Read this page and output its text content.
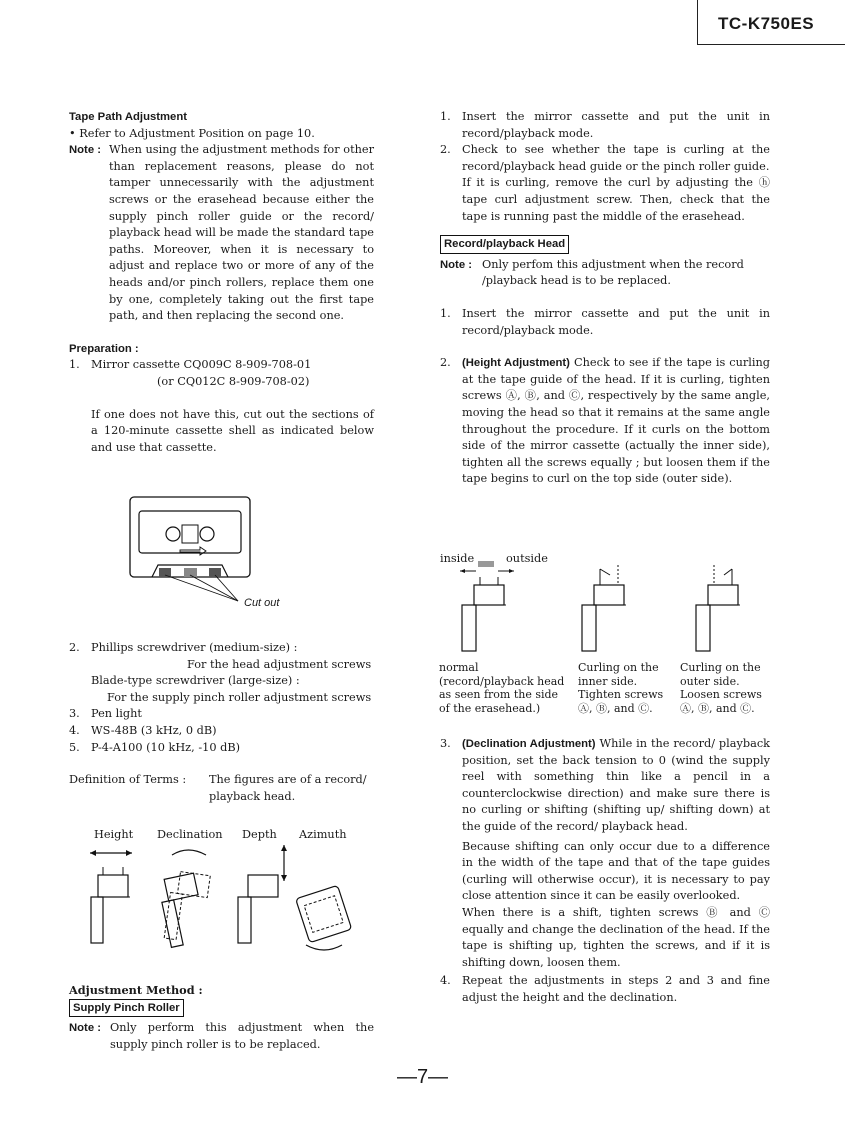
TC-K750ES

Tape Path Adjustment

• Refer to Adjustment Position on page 10.

Note : When using the adjustment methods for other than replacement reasons, please do not tamper unnecessarily with the adjustment screws or the erasehead because either the supply pinch roller guide or the record/ playback head will be made the standard tape paths. Moreover, when it is necessary to adjust and replace two or more of any of the heads and/or pinch rollers, replace them one by one, completely taking out the first tape path, and then replacing the second one.

Preparation :

1. Mirror cassette CQ009C 8-909-708-01

(or CQ012C 8-909-708-02)

If one does not have this, cut out the sections of a 120-minute cassette shell as indicated below and use that cassette.

Cut out
2. Phillips screwdriver (medium-size) :

For the head adjustment screws

Blade-type screwdriver (large-size) :

For the supply pinch roller adjustment screws

3. Pen light

4. WS-48B (3 kHz, 0 dB)

5. P-4-A100 (10 kHz, -10 dB)

Definition of Terms : The figures are of a record/ playback head.

Height Declination Depth Azimuth

Adjustment Method :

Supply Pinch Roller
Note : Only perform this adjustment when the supply pinch roller is to be replaced.

1. Insert the mirror cassette and put the unit in record/playback mode.

2. Check to see whether the tape is curling at the record/playback head guide or the pinch roller guide.

If it is curling, remove the curl by adjusting the ⓗ tape curl adjustment screw. Then, check that the tape is running past the middle of the erasehead.

Record/playback Head
Note : Only perfom this adjustment when the record /playback head is to be replaced.

1. Insert the mirror cassette and put the unit in record/playback mode.

2. (Height Adjustment) Check to see if the tape is curling at the tape guide of the head. If it is curling, tighten screws Ⓐ, Ⓑ, and Ⓒ, respectively by the same angle, moving the head so that it remains at the same angle throughout the procedure. If it curls on the bottom side of the mirror cassette (actually the inner side), tighten all the screws equally ; but loosen them if the tape begins to curl on the top side (outer side).

inside	outside
normal (record/playback head as seen from the side of the erasehead.)
Curling on the inner side. Tighten screws Ⓐ, Ⓑ, and Ⓒ.
Curling on the outer side. Loosen screws Ⓐ, Ⓑ, and Ⓒ.
3. (Declination Adjustment) While in the record/ playback position, set the back tension to 0 (wind the supply reel with something thin like a pencil in a counterclockwise direction) and make sure there is no curling or shifting (shifting up/ shifting down) at the guide of the record/ playback head.

Because shifting can only occur due to a difference in the width of the tape and that of the tape guides (curling will otherwise occur), it is necessary to pay close attention since it can be easily overlooked.

When there is a shift, tighten screws Ⓑ and Ⓒ equally and change the declination of the head. If the tape is shifting up, tighten the screws, and if it is shifting down, loosen them.

4. Repeat the adjustments in steps 2 and 3 and fine adjust the height and the declination.

—7—
